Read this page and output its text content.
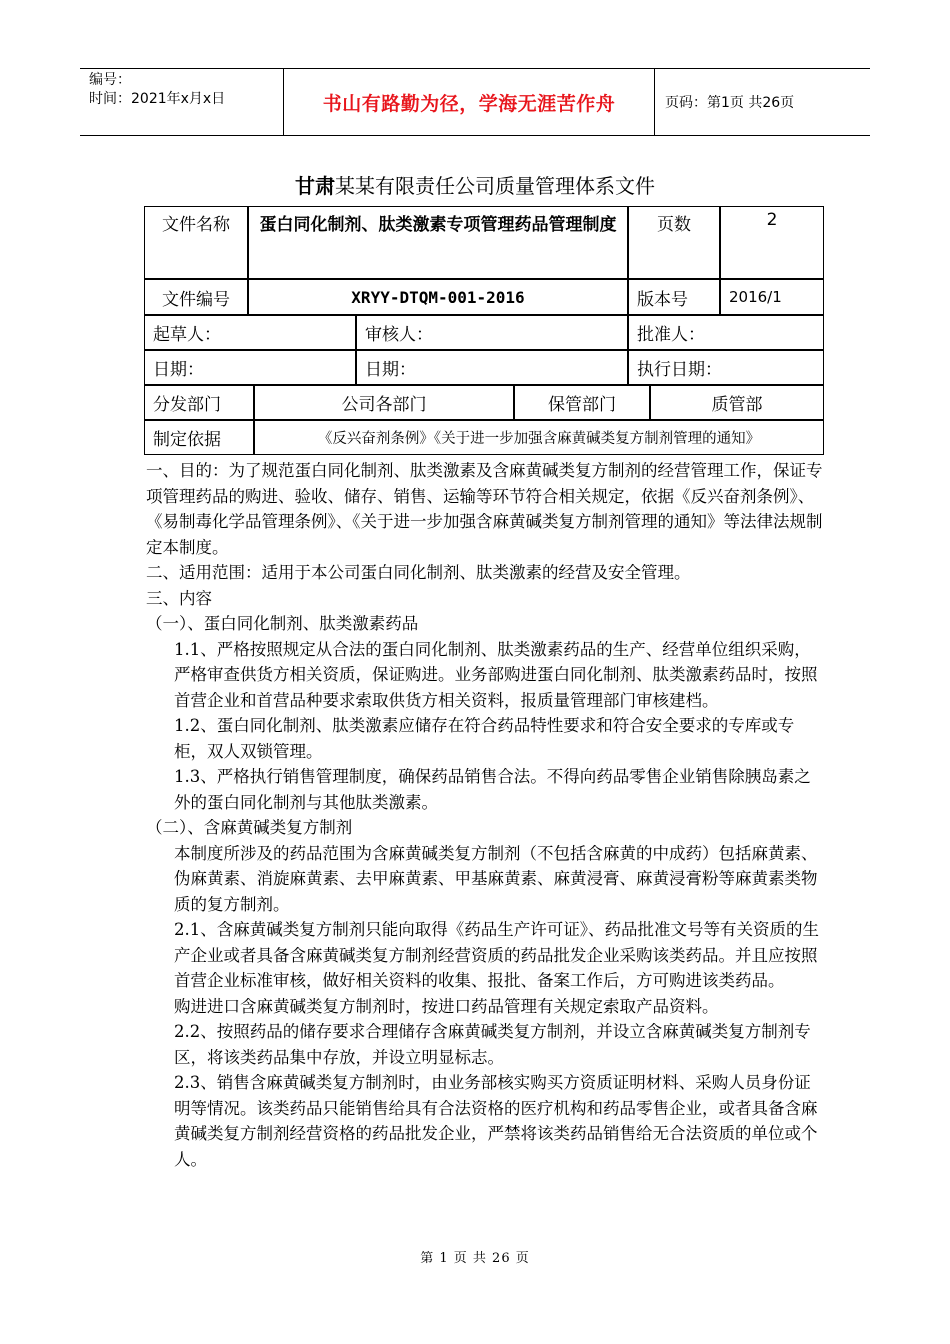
编号：
时间：2021年x月x日	书山有路勤为径，学海无涯苦作舟	页码：第1页 共26页
甘肃某某有限责任公司质量管理体系文件
文件名称	蛋白同化制剂、肽类激素专项管理药品管理制度	页数	2
文件编号	XRYY-DTQM-001-2016	版本号	2016/1
起草人：	审核人：	批准人：
日期：	日期：	执行日期：
分发部门	公司各部门	保管部门	质管部
制定依据	《反兴奋剂条例》《关于进一步加强含麻黄碱类复方制剂管理的通知》

一、目的：为了规范蛋白同化制剂、肽类激素及含麻黄碱类复方制剂的经营管理工作，保证专项管理药品的购进、验收、储存、销售、运输等环节符合相关规定，依据《反兴奋剂条例》、《易制毒化学品管理条例》、《关于进一步加强含麻黄碱类复方制剂管理的通知》等法律法规制定本制度。

二、适用范围：适用于本公司蛋白同化制剂、肽类激素的经营及安全管理。

三、内容

（一）、蛋白同化制剂、肽类激素药品

1.1、严格按照规定从合法的蛋白同化制剂、肽类激素药品的生产、经营单位组织采购，严格审查供货方相关资质，保证购进。业务部购进蛋白同化制剂、肽类激素药品时，按照首营企业和首营品种要求索取供货方相关资料，报质量管理部门审核建档。

1.2、蛋白同化制剂、肽类激素应储存在符合药品特性要求和符合安全要求的专库或专柜，双人双锁管理。

1.3、严格执行销售管理制度，确保药品销售合法。不得向药品零售企业销售除胰岛素之外的蛋白同化制剂与其他肽类激素。

（二）、含麻黄碱类复方制剂

本制度所涉及的药品范围为含麻黄碱类复方制剂（不包括含麻黄的中成药）包括麻黄素、伪麻黄素、消旋麻黄素、去甲麻黄素、甲基麻黄素、麻黄浸膏、麻黄浸膏粉等麻黄素类物质的复方制剂。

2.1、含麻黄碱类复方制剂只能向取得《药品生产许可证》、药品批准文号等有关资质的生产企业或者具备含麻黄碱类复方制剂经营资质的药品批发企业采购该类药品。并且应按照首营企业标准审核，做好相关资料的收集、报批、备案工作后，方可购进该类药品。

购进进口含麻黄碱类复方制剂时，按进口药品管理有关规定索取产品资料。

2.2、按照药品的储存要求合理储存含麻黄碱类复方制剂，并设立含麻黄碱类复方制剂专区，将该类药品集中存放，并设立明显标志。

2.3、销售含麻黄碱类复方制剂时，由业务部核实购买方资质证明材料、采购人员身份证明等情况。该类药品只能销售给具有合法资格的医疗机构和药品零售企业，或者具备含麻黄碱类复方制剂经营资格的药品批发企业，严禁将该类药品销售给无合法资质的单位或个人。

第 1 页 共 26 页
